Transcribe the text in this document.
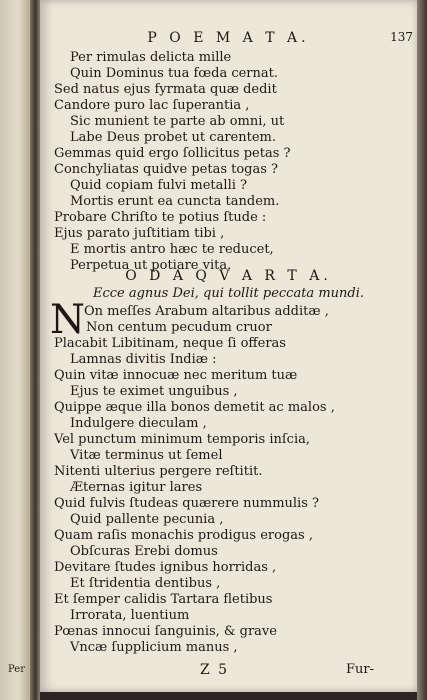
Per
P O E M A T A.	137
Per rimulas delicta mille
Quin Dominus tua fœda cernat.
Sed natus ejus fyrmata quæ dedit
Candore puro lac ſuperantia ,
Sic munient te parte ab omni, ut
Labe Deus probet ut carentem.
Gemmas quid ergo ſollicitus petas ?
Conchyliatas quidve petas togas ?
Quid copiam fulvi metalli ?
Mortis erunt ea cuncta tandem.
Probare Chriſto te potius ſtude :
Ejus parato juſtitiam tibi ,
E mortis antro hæc te reducet,
Perpetua ut potiare vita.
O D A Q V A R T A.
Ecce agnus Dei, qui tollit peccata mundi.
N On meſſes Arabum altaribus additæ ,
Non centum pecudum cruor
Placabit Libitinam, neque ſi offeras
Lamnas divitis Indiæ :
Quin vitæ innocuæ nec meritum tuæ
Ejus te eximet unguibus ,
Quippe æque illa bonos demetit ac malos ,
Indulgere dieculam ,
Vel punctum minimum temporis inſcia,
Vitæ terminus ut ſemel
Nitenti ulterius pergere reſtitit.
Æternas igitur lares
Quid fulvis ſtudeas quærere nummulis ?
Quid pallente pecunia ,
Quam raſis monachis prodigus erogas ,
Obſcuras Erebi domus
Devitare ſtudes ignibus horridas ,
Et ſtridentia dentibus ,
Et ſemper calidis Tartara fletibus
Irrorata, luentium
Pœnas innocui ſanguinis, & grave
Vncæ ſupplicium manus ,
Z 5	Fur-
